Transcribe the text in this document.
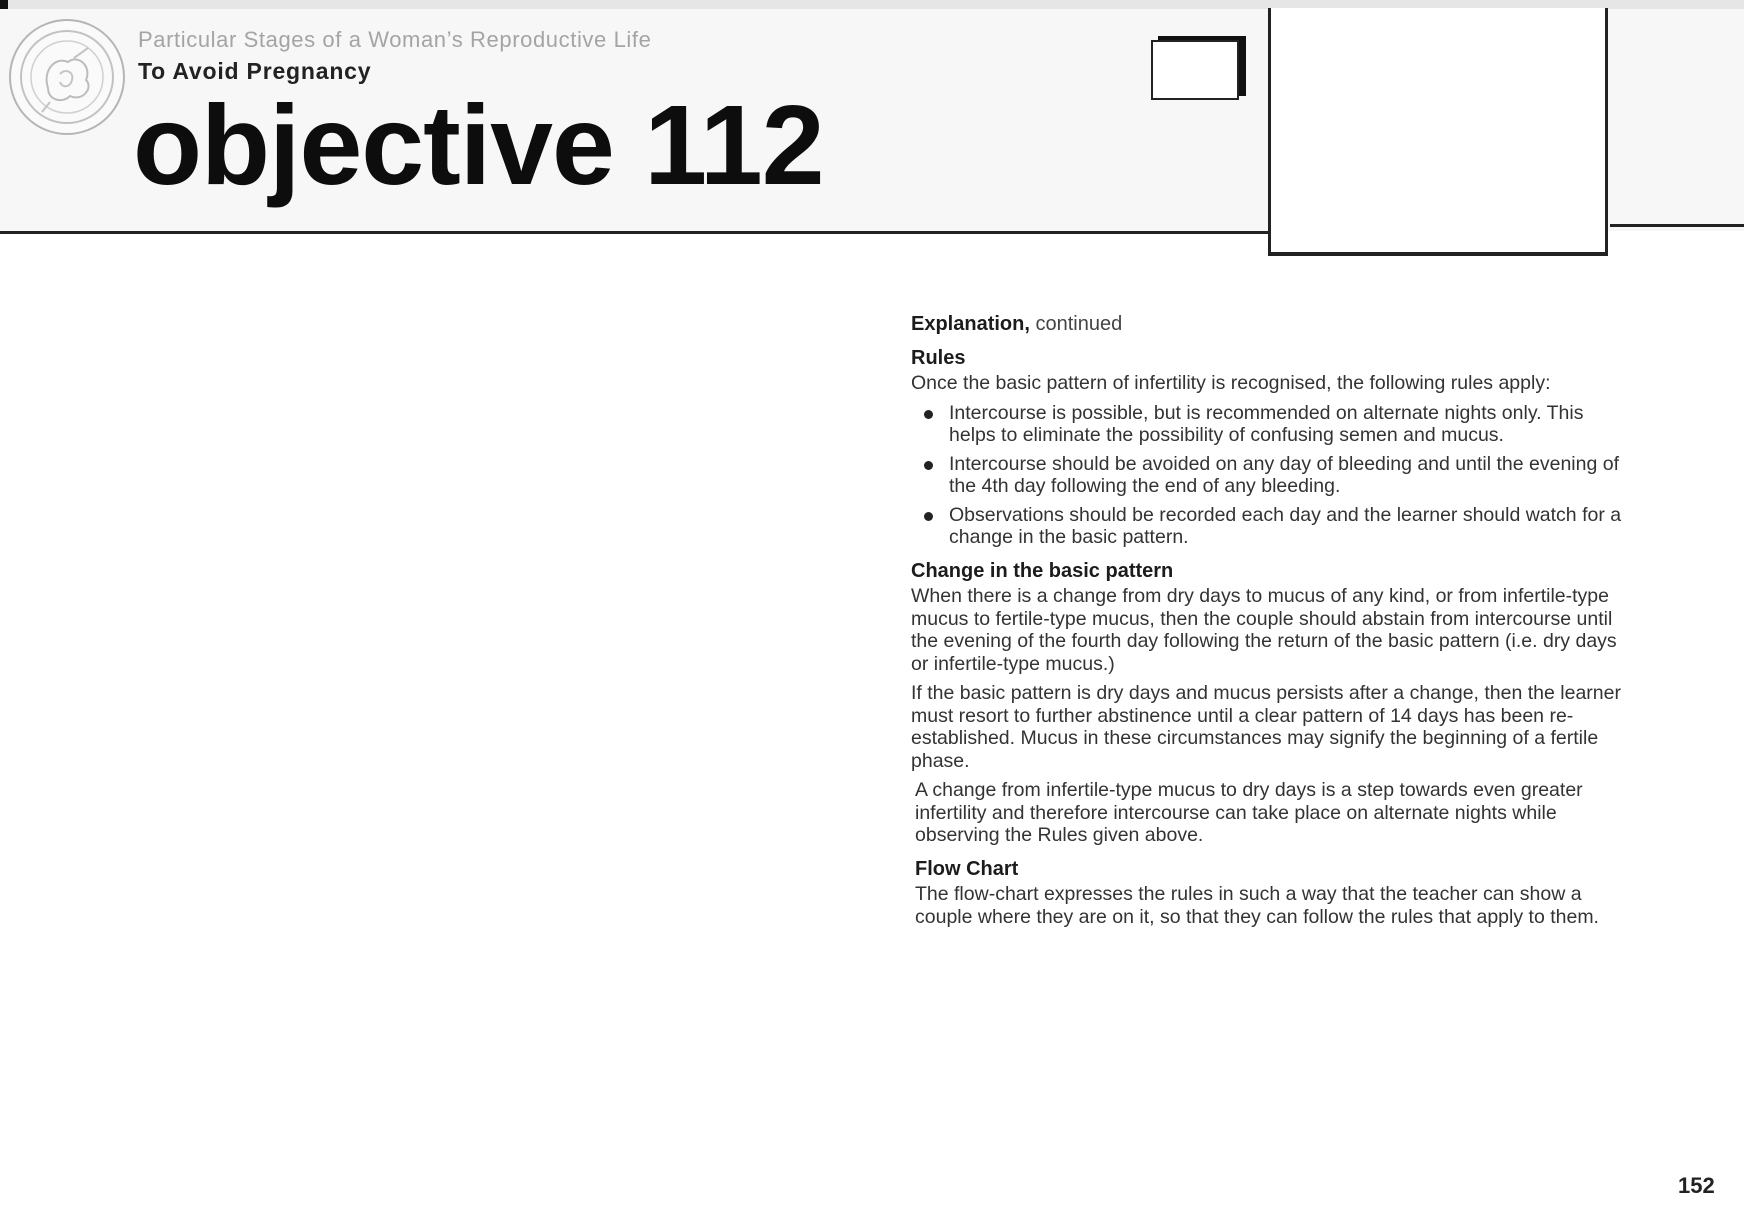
Particular Stages of a Woman’s Reproductive Life
To Avoid Pregnancy
objective 112
Explanation, continued
Rules

Once the basic pattern of infertility is recognised, the following rules apply:

Intercourse is possible, but is recommended on alternate nights only. This helps to eliminate the possibility of confusing semen and mucus.
Intercourse should be avoided on any day of bleeding and until the evening of the 4th day following the end of any bleeding.
Observations should be recorded each day and the learner should watch for a change in the basic pattern.
Change in the basic pattern

When there is a change from dry days to mucus of any kind, or from infertile-type mucus to fertile-type mucus, then the couple should abstain from intercourse until the evening of the fourth day following the return of the basic pattern (i.e. dry days or infertile-type mucus.)

If the basic pattern is dry days and mucus persists after a change, then the learner must resort to further abstinence until a clear pattern of 14 days has been re-established. Mucus in these circumstances may signify the beginning of a fertile phase.

A change from infertile-type mucus to dry days is a step towards even greater infertility and therefore intercourse can take place on alternate nights while observing the Rules given above.

Flow Chart

The flow-chart expresses the rules in such a way that the teacher can show a couple where they are on it, so that they can follow the rules that apply to them.

152
